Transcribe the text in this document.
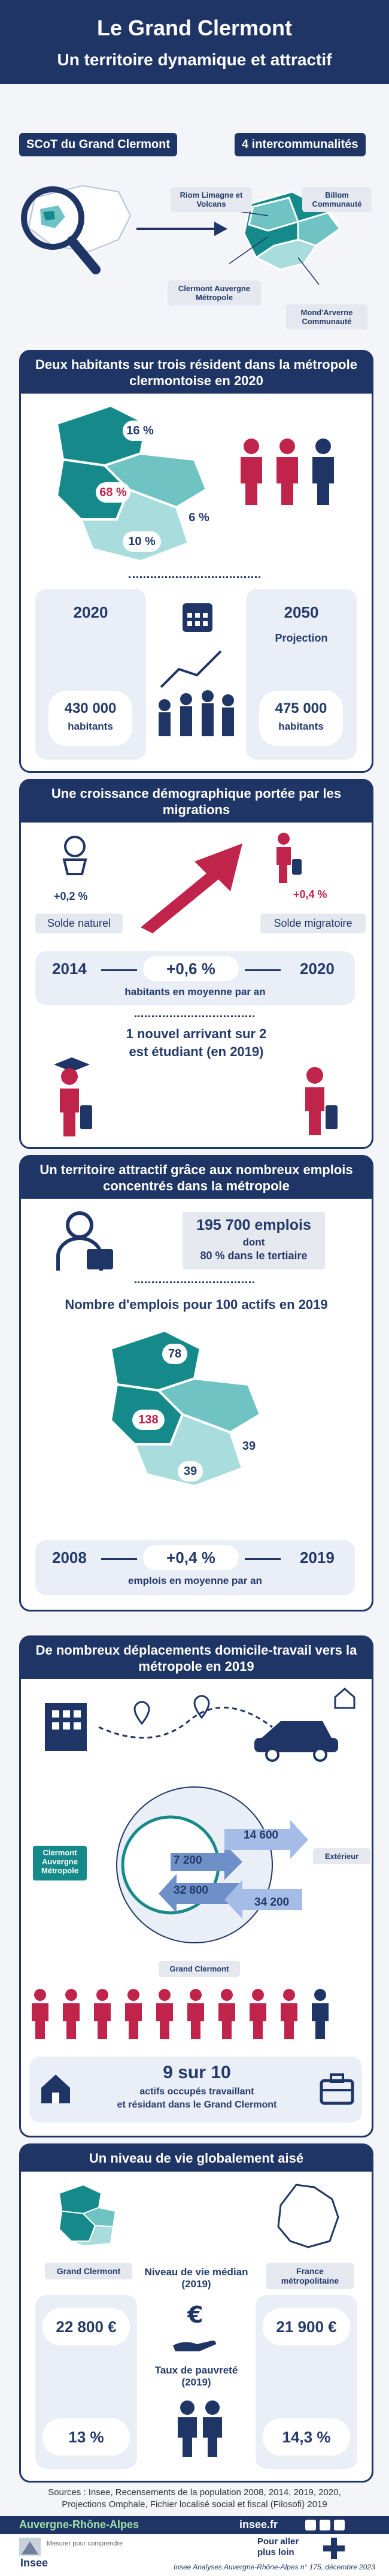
Le Grand Clermont
Un territoire dynamique et attractif
SCoT du Grand Clermont	4 intercommunalités
Riom Limagne et Volcans
Billom Communauté
Clermont Auvergne Métropole
Mond'Arverne Communauté
Deux habitants sur trois résident dans la métropole clermontoise en 2020
16 %
68 %
6 %
10 %
2020
430 000
habitants
2050
Projection
475 000
habitants
Une croissance démographique portée par les migrations
+0,2 %
Solde naturel
+0,4 %
Solde migratoire
2014	+0,6 %	2020
habitants en moyenne par an
1 nouvel arrivant sur 2
est étudiant (en 2019)
Un territoire attractif grâce aux nombreux emplois concentrés dans la métropole
195 700 emplois
dont
80 % dans le tertiaire
Nombre d'emplois pour 100 actifs en 2019
78
138
39
39
2008	+0,4 %	2019
emplois en moyenne par an
De nombreux déplacements domicile-travail vers la métropole en 2019
Clermont Auvergne Métropole
7 200
14 600
32 800
34 200
Extérieur
Grand Clermont
9 sur 10
actifs occupés travaillant
et résidant dans le Grand Clermont
Un niveau de vie globalement aisé
Grand Clermont	France métropolitaine
22 800 €
13 %
21 900 €
14,3 %
Niveau de vie médian (2019)
€
Taux de pauvreté (2019)
Sources : Insee, Recensements de la population 2008, 2014, 2019, 2020,
Projections Omphale, Fichier localisé social et fiscal (Filosofi) 2019
Auvergne-Rhône-Alpes	insee.fr
Insee
Mesurer pour comprendre	Pour aller
plus loin
Insee Analyses Auvergne-Rhône-Alpes n° 175, décembre 2023
